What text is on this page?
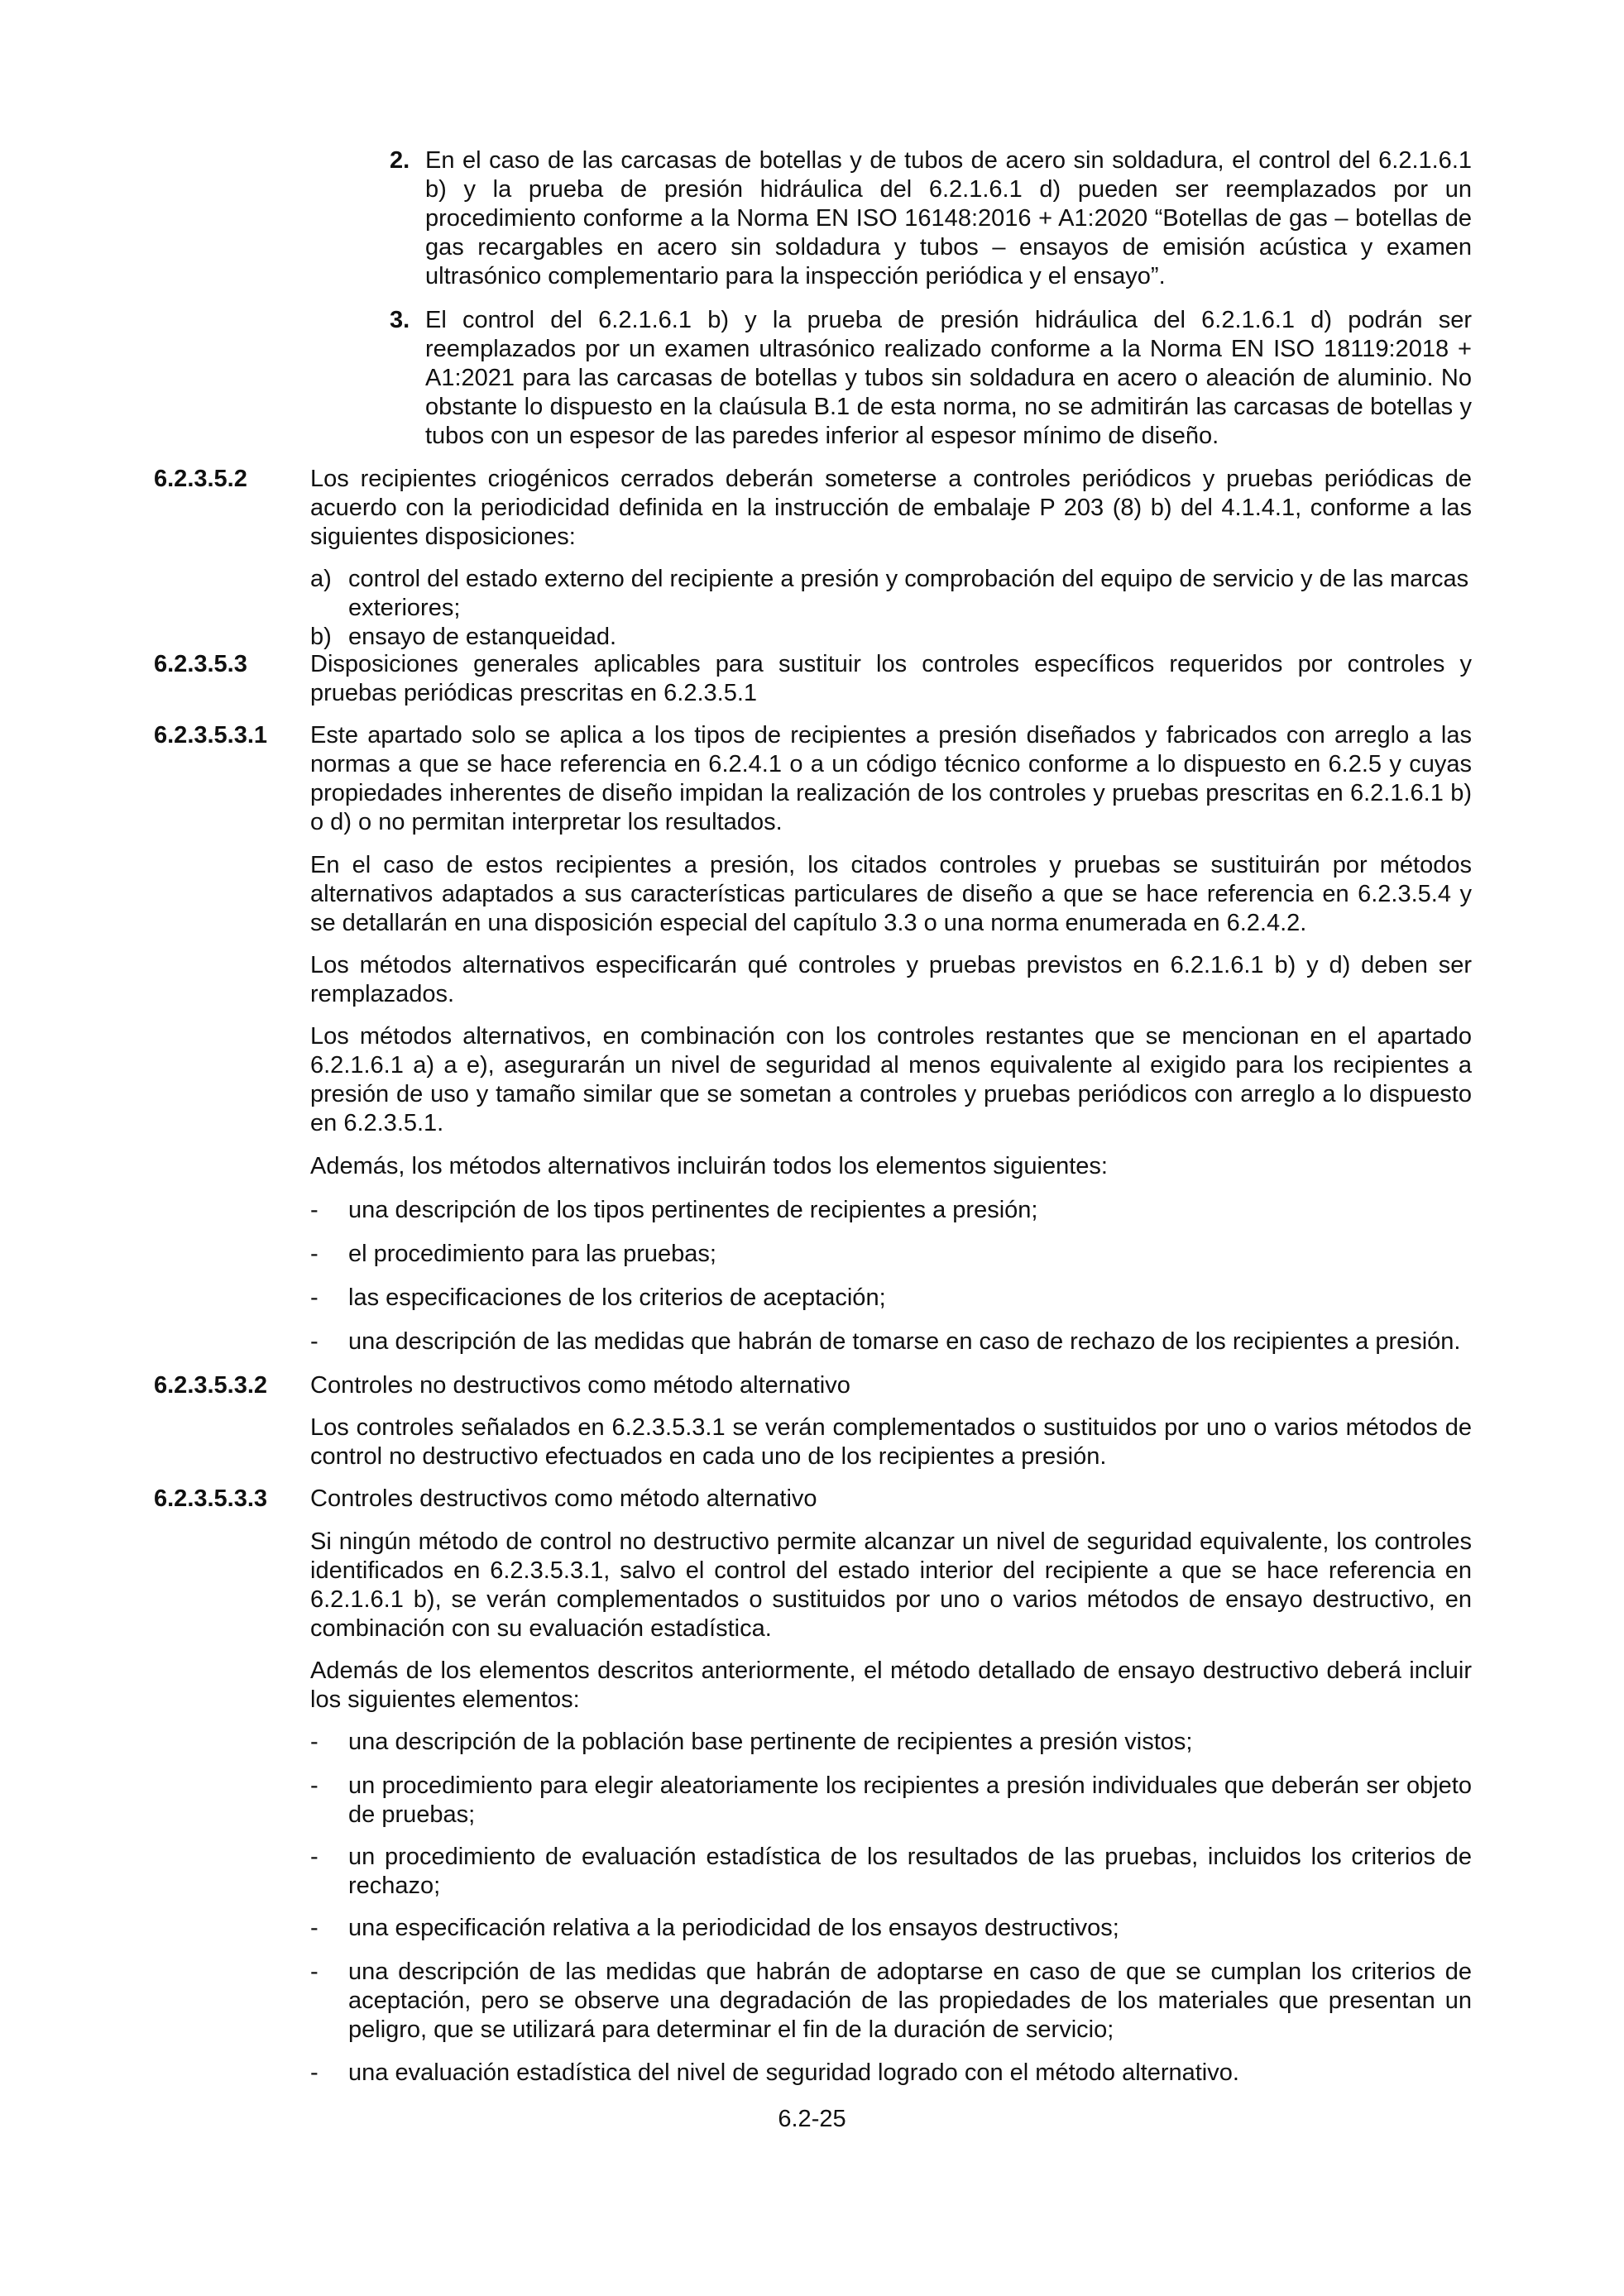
2. En el caso de las carcasas de botellas y de tubos de acero sin soldadura, el control del 6.2.1.6.1 b) y la prueba de presión hidráulica del 6.2.1.6.1 d) pueden ser reemplazados por un procedimiento conforme a la Norma EN ISO 16148:2016 + A1:2020 “Botellas de gas – botellas de gas recargables en acero sin soldadura y tubos – ensayos de emisión acústica y examen ultrasónico complementario para la inspección periódica y el ensayo”.

3. El control del 6.2.1.6.1 b) y la prueba de presión hidráulica del 6.2.1.6.1 d) podrán ser reemplazados por un examen ultrasónico realizado conforme a la Norma EN ISO 18119:2018 + A1:2021 para las carcasas de botellas y tubos sin soldadura en acero o aleación de aluminio. No obstante lo dispuesto en la claúsula B.1 de esta norma, no se admitirán las carcasas de botellas y tubos con un espesor de las paredes inferior al espesor mínimo de diseño.

6.2.3.5.2	Los recipientes criogénicos cerrados deberán someterse a controles periódicos y pruebas periódicas de acuerdo con la periodicidad definida en la instrucción de embalaje P 203 (8) b) del 4.1.4.1, conforme a las siguientes disposiciones:

a) control del estado externo del recipiente a presión y comprobación del equipo de servicio y de las marcas exteriores;

b) ensayo de estanqueidad.

6.2.3.5.3	Disposiciones generales aplicables para sustituir los controles específicos requeridos por controles y pruebas periódicas prescritas en 6.2.3.5.1

6.2.3.5.3.1 Este apartado solo se aplica a los tipos de recipientes a presión diseñados y fabricados con arreglo a las normas a que se hace referencia en 6.2.4.1 o a un código técnico conforme a lo dispuesto en 6.2.5 y cuyas propiedades inherentes de diseño impidan la realización de los controles y pruebas prescritas en 6.2.1.6.1 b) o d) o no permitan interpretar los resultados.

En el caso de estos recipientes a presión, los citados controles y pruebas se sustituirán por métodos alternativos adaptados a sus características particulares de diseño a que se hace referencia en 6.2.3.5.4 y se detallarán en una disposición especial del capítulo 3.3 o una norma enumerada en 6.2.4.2.

Los métodos alternativos especificarán qué controles y pruebas previstos en 6.2.1.6.1 b) y d) deben ser remplazados.

Los métodos alternativos, en combinación con los controles restantes que se mencionan en el apartado 6.2.1.6.1 a) a e), asegurarán un nivel de seguridad al menos equivalente al exigido para los recipientes a presión de uso y tamaño similar que se sometan a controles y pruebas periódicos con arreglo a lo dispuesto en 6.2.3.5.1.

Además, los métodos alternativos incluirán todos los elementos siguientes:

- una descripción de los tipos pertinentes de recipientes a presión;

- el procedimiento para las pruebas;

- las especificaciones de los criterios de aceptación;

- una descripción de las medidas que habrán de tomarse en caso de rechazo de los recipientes a presión.

6.2.3.5.3.2 Controles no destructivos como método alternativo

Los controles señalados en 6.2.3.5.3.1 se verán complementados o sustituidos por uno o varios métodos de control no destructivo efectuados en cada uno de los recipientes a presión.

6.2.3.5.3.3 Controles destructivos como método alternativo

Si ningún método de control no destructivo permite alcanzar un nivel de seguridad equivalente, los controles identificados en 6.2.3.5.3.1, salvo el control del estado interior del recipiente a que se hace referencia en 6.2.1.6.1 b), se verán complementados o sustituidos por uno o varios métodos de ensayo destructivo, en combinación con su evaluación estadística.

Además de los elementos descritos anteriormente, el método detallado de ensayo destructivo deberá incluir los siguientes elementos:

- una descripción de la población base pertinente de recipientes a presión vistos;

- un procedimiento para elegir aleatoriamente los recipientes a presión individuales que deberán ser objeto de pruebas;

- un procedimiento de evaluación estadística de los resultados de las pruebas, incluidos los criterios de rechazo;

- una especificación relativa a la periodicidad de los ensayos destructivos;

- una descripción de las medidas que habrán de adoptarse en caso de que se cumplan los criterios de aceptación, pero se observe una degradación de las propiedades de los materiales que presentan un peligro, que se utilizará para determinar el fin de la duración de servicio;

- una evaluación estadística del nivel de seguridad logrado con el método alternativo.

6.2-25
